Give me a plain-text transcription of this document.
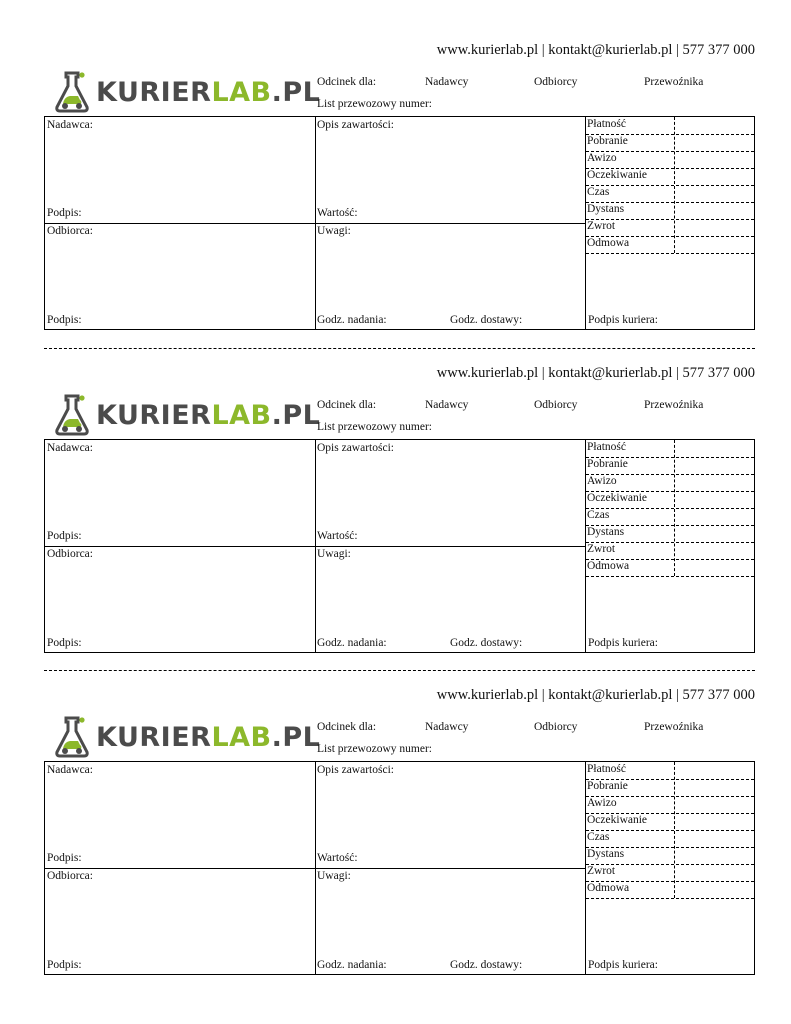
www.kurierlab.pl | kontakt@kurierlab.pl | 577 377 000
KURIERLAB.PL
Odcinek dla:	Nadawcy	Odbiorcy	Przewoźnika
List przewozowy numer:
Nadawca:
Podpis:
Opis zawartości:
Wartość:
Odbiorca:
Podpis:
Uwagi:
Godz. nadania:	Godz. dostawy:
Płatność
Pobranie
Awizo
Oczekiwanie
Czas
Dystans
Zwrot
Odmowa
Podpis kuriera:
www.kurierlab.pl | kontakt@kurierlab.pl | 577 377 000
KURIERLAB.PL
Odcinek dla:	Nadawcy	Odbiorcy	Przewoźnika
List przewozowy numer:
Nadawca:
Podpis:
Opis zawartości:
Wartość:
Odbiorca:
Podpis:
Uwagi:
Godz. nadania:	Godz. dostawy:
Płatność
Pobranie
Awizo
Oczekiwanie
Czas
Dystans
Zwrot
Odmowa
Podpis kuriera:
www.kurierlab.pl | kontakt@kurierlab.pl | 577 377 000
KURIERLAB.PL
Odcinek dla:	Nadawcy	Odbiorcy	Przewoźnika
List przewozowy numer:
Nadawca:
Podpis:
Opis zawartości:
Wartość:
Odbiorca:
Podpis:
Uwagi:
Godz. nadania:	Godz. dostawy:
Płatność
Pobranie
Awizo
Oczekiwanie
Czas
Dystans
Zwrot
Odmowa
Podpis kuriera:
